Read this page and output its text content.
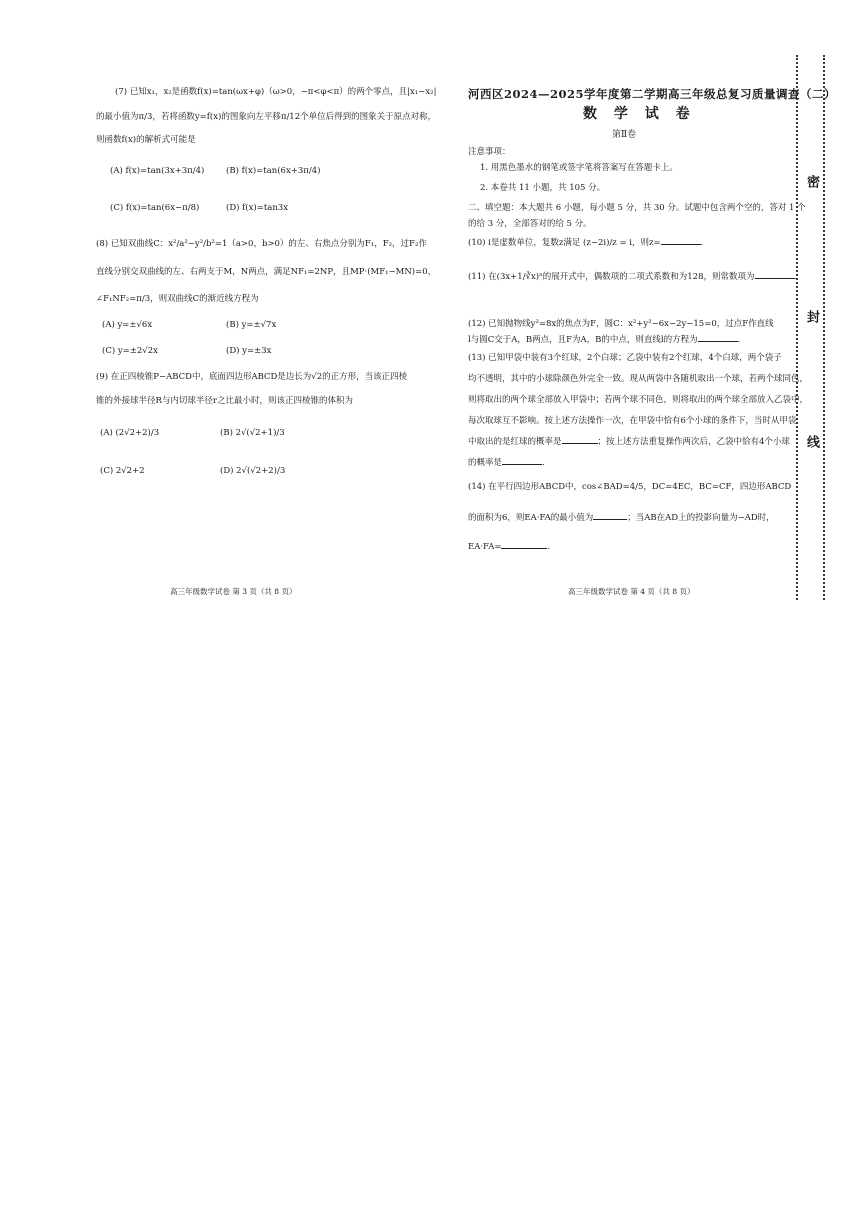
(7) 已知x₁，x₂是函数f(x)=tan(ωx+φ)（ω>0，−π<φ<π）的两个零点，且|x₁−x₂|
的最小值为π/3，若将函数y=f(x)的图象向左平移π/12个单位后得到的图象关于原点对称，
则函数f(x)的解析式可能是
(A) f(x)=tan(3x+3π/4)	(B) f(x)=tan(6x+3π/4)
(C) f(x)=tan(6x−π/8)	(D) f(x)=tan3x
(8) 已知双曲线C：x²/a²−y²/b²=1（a>0，b>0）的左、右焦点分别为F₁，F₂，过F₂作
直线分别交双曲线的左、右两支于M，N两点，满足NF₁=2NP，且MP·(MF₁−MN)=0，
∠F₁NF₂=π/3，则双曲线C的渐近线方程为
(A) y=±√6x	(B) y=±√7x
(C) y=±2√2x	(D) y=±3x
(9) 在正四棱锥P−ABCD中，底面四边形ABCD是边长为√2的正方形，当该正四棱
锥的外接球半径R与内切球半径r之比最小时，则该正四棱锥的体积为
(A) (2√2+2)/3	(B) 2√(√2+1)/3
(C) 2√2+2	(D) 2√(√2+2)/3
高三年级数学试卷 第 3 页（共 8 页）
河西区2024—2025学年度第二学期高三年级总复习质量调查（二）
数 学 试 卷
第Ⅱ卷
注意事项：
1. 用黑色墨水的钢笔或签字笔将答案写在答题卡上。
2. 本卷共 11 小题，共 105 分。
二、填空题：本大题共 6 小题，每小题 5 分，共 30 分。试题中包含两个空的，答对 1 个
的给 3 分，全部答对的给 5 分。
(10) i是虚数单位，复数z满足 (z−2i)/z = i，则z=	.
(11) 在(3x+1/∛x)ⁿ的展开式中，偶数项的二项式系数和为128，则常数项为	.
(12) 已知抛物线y²=8x的焦点为F，圆C：x²+y²−6x−2y−15=0，过点F作直线
l与圆C交于A，B两点，且F为A，B的中点，则直线l的方程为	.
(13) 已知甲袋中装有3个红球，2个白球；乙袋中装有2个红球，4个白球，两个袋子
均不透明，其中的小球除颜色外完全一致。现从两袋中各随机取出一个球，若两个球同色，
则将取出的两个球全部放入甲袋中；若两个球不同色，则将取出的两个球全部放入乙袋中，
每次取球互不影响。按上述方法操作一次，在甲袋中恰有6个小球的条件下，当时从甲袋
中取出的是红球的概率是	；按上述方法重复操作两次后，乙袋中恰有4个小球
的概率是	.
(14) 在平行四边形ABCD中，cos∠BAD=4/5，DC=4EC，BC=CF，四边形ABCD
的面积为6，则EA·FA的最小值为	；当AB在AD上的投影向量为−AD时，
EA·FA=	.
高三年级数学试卷 第 4 页（共 8 页）
密
封
线
